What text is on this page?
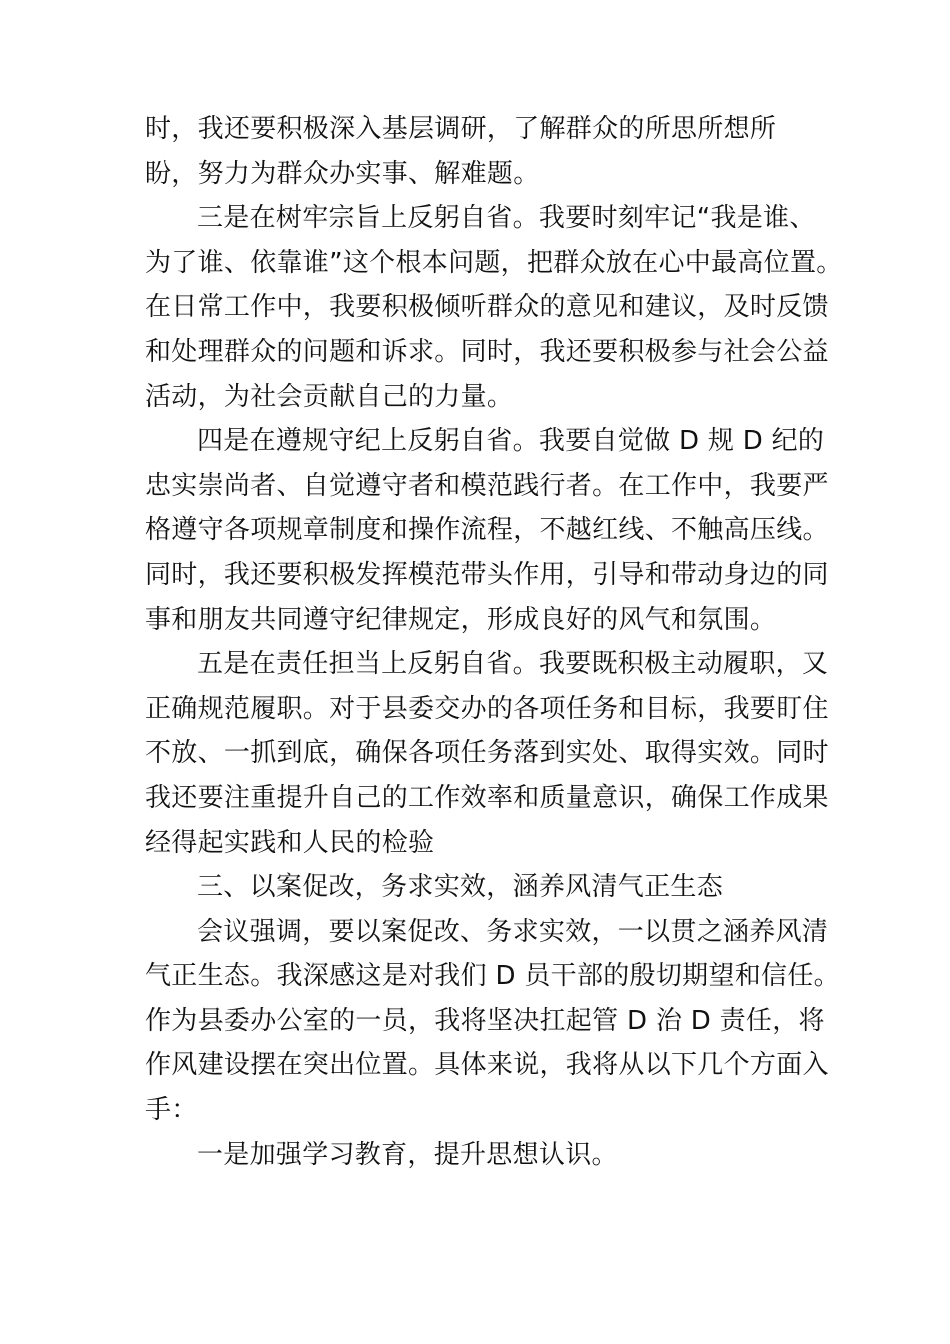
时，我还要积极深入基层调研，了解群众的所思所想所
盼，努力为群众办实事、解难题。
三是在树牢宗旨上反躬自省。我要时刻牢记“我是谁、
为了谁、依靠谁”这个根本问题，把群众放在心中最高位置。
在日常工作中，我要积极倾听群众的意见和建议，及时反馈
和处理群众的问题和诉求。同时，我还要积极参与社会公益
活动，为社会贡献自己的力量。
四是在遵规守纪上反躬自省。我要自觉做 D 规 D 纪的
忠实崇尚者、自觉遵守者和模范践行者。在工作中，我要严
格遵守各项规章制度和操作流程，不越红线、不触高压线。
同时，我还要积极发挥模范带头作用，引导和带动身边的同
事和朋友共同遵守纪律规定，形成良好的风气和氛围。
五是在责任担当上反躬自省。我要既积极主动履职，又
正确规范履职。对于县委交办的各项任务和目标，我要盯住
不放、一抓到底，确保各项任务落到实处、取得实效。同时
我还要注重提升自己的工作效率和质量意识，确保工作成果
经得起实践和人民的检验
三、以案促改，务求实效，涵养风清气正生态
会议强调，要以案促改、务求实效，一以贯之涵养风清
气正生态。我深感这是对我们 D 员干部的殷切期望和信任。
作为县委办公室的一员，我将坚决扛起管 D 治 D 责任，将
作风建设摆在突出位置。具体来说，我将从以下几个方面入
手：
一是加强学习教育，提升思想认识。
